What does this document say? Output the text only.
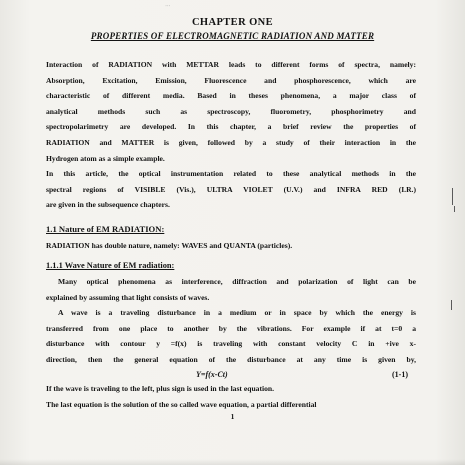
...
CHAPTER ONE
PROPERTIES OF ELECTROMAGNETIC RADIATION AND MATTER
Interaction of RADIATION with METTAR leads to different forms of spectra, namely:
Absorption, Excitation, Emission, Fluorescence and phosphorescence, which are
characteristic of different media. Based in theses phenomena, a major class of
analytical methods such as spectroscopy, fluorometry, phosphorimetry and
spectropolarimetry are developed. In this chapter, a brief review the properties of
RADIATION and MATTER is given, followed by a study of their interaction in the
Hydrogen atom as a simple example.
In this article, the optical instrumentation related to these analytical methods in the
spectral regions of VISIBLE (Vis.), ULTRA VIOLET (U.V.) and INFRA RED (I.R.)
are given in the subsequence chapters.
1.1 Nature of EM RADIATION:
RADIATION has double nature, namely: WAVES and QUANTA (particles).
1.1.1 Wave Nature of EM radiation:
Many optical phenomena as interference, diffraction and polarization of light can be
explained by assuming that light consists of waves.
A wave is a traveling disturbance in a medium or in space by which the energy is
transferred from one place to another by the vibrations. For example if at t=0 a
disturbance with contour y =f(x) is traveling with constant velocity C in +ive x-
direction, then the general equation of the disturbance at any time is given by,
Y=f(x-Ct)	(1-1)
If the wave is traveling to the left, plus sign is used in the last equation.
The last equation is the solution of the so called wave equation, a partial differential
1
